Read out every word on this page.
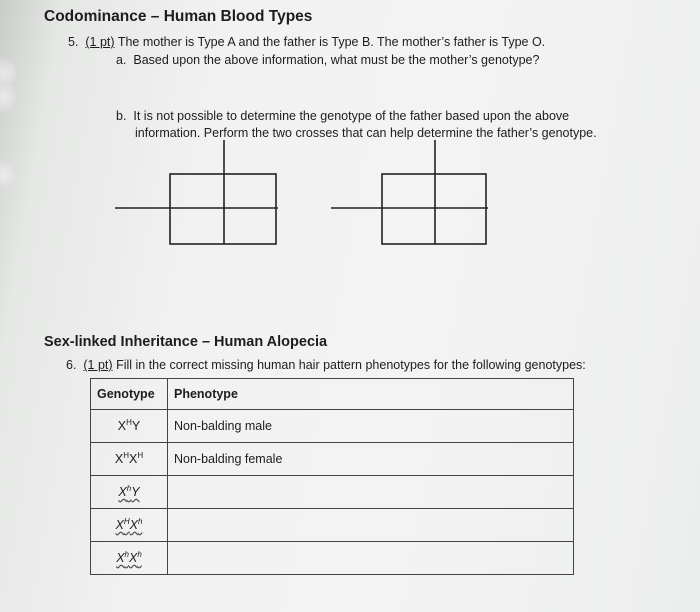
Codominance – Human Blood Types
5. (1 pt) The mother is Type A and the father is Type B. The mother’s father is Type O.
a. Based upon the above information, what must be the mother’s genotype?
b. It is not possible to determine the genotype of the father based upon the above
information. Perform the two crosses that can help determine the father’s genotype.
Sex-linked Inheritance – Human Alopecia
6. (1 pt) Fill in the correct missing human hair pattern phenotypes for the following genotypes:
Genotype	Phenotype
$X^HY$	Non-balding male
$X^HX^H$	Non-balding female
$X^hY$	
$X^HX^h$	
$X^hX^h$	
